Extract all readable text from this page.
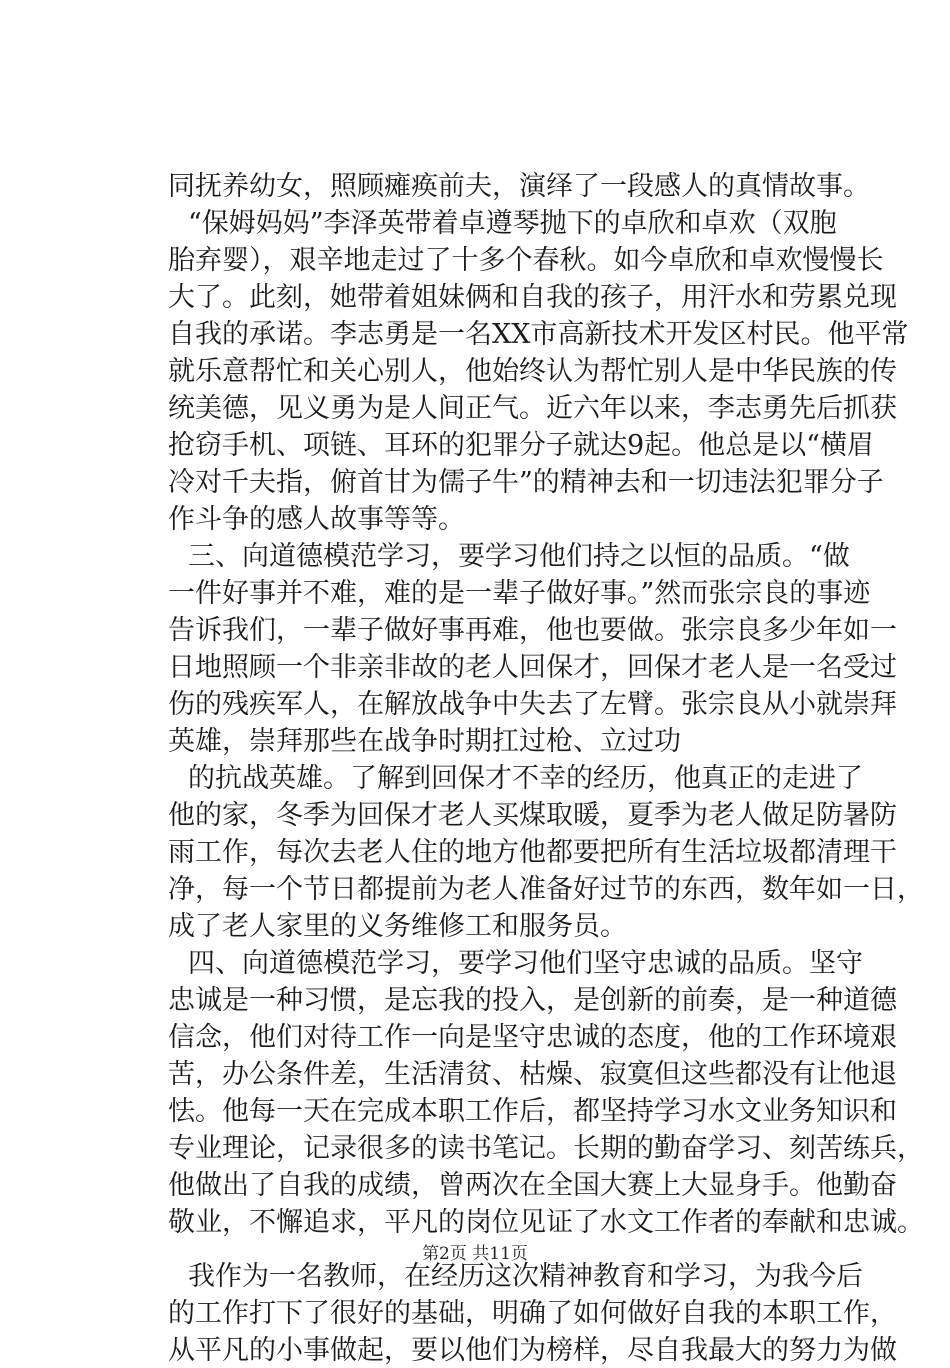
同抚养幼女，照顾瘫痪前夫，演绎了一段感人的真情故事。
“保姆妈妈”李泽英带着卓遵琴抛下的卓欣和卓欢（双胞
胎弃婴），艰辛地走过了十多个春秋。如今卓欣和卓欢慢慢长
大了。此刻，她带着姐妹俩和自我的孩子，用汗水和劳累兑现
自我的承诺。李志勇是一名XX市高新技术开发区村民。他平常
就乐意帮忙和关心别人，他始终认为帮忙别人是中华民族的传
统美德，见义勇为是人间正气。近六年以来，李志勇先后抓获
抢窃手机、项链、耳环的犯罪分子就达9起。他总是以“横眉
冷对千夫指，俯首甘为儒子牛”的精神去和一切违法犯罪分子
作斗争的感人故事等等。
三、向道德模范学习，要学习他们持之以恒的品质。“做
一件好事并不难，难的是一辈子做好事。”然而张宗良的事迹
告诉我们，一辈子做好事再难，他也要做。张宗良多少年如一
日地照顾一个非亲非故的老人回保才，回保才老人是一名受过
伤的残疾军人，在解放战争中失去了左臂。张宗良从小就崇拜
英雄，崇拜那些在战争时期扛过枪、立过功
的抗战英雄。了解到回保才不幸的经历，他真正的走进了
他的家，冬季为回保才老人买煤取暖，夏季为老人做足防暑防
雨工作，每次去老人住的地方他都要把所有生活垃圾都清理干
净，每一个节日都提前为老人准备好过节的东西，数年如一日，
成了老人家里的义务维修工和服务员。
四、向道德模范学习，要学习他们坚守忠诚的品质。坚守
忠诚是一种习惯，是忘我的投入，是创新的前奏，是一种道德
信念，他们对待工作一向是坚守忠诚的态度，他的工作环境艰
苦，办公条件差，生活清贫、枯燥、寂寞但这些都没有让他退
怯。他每一天在完成本职工作后，都坚持学习水文业务知识和
专业理论，记录很多的读书笔记。长期的勤奋学习、刻苦练兵，
他做出了自我的成绩，曾两次在全国大赛上大显身手。他勤奋
敬业，不懈追求，平凡的岗位见证了水文工作者的奉献和忠诚。
我作为一名教师，在经历这次精神教育和学习，为我今后
的工作打下了很好的基础，明确了如何做好自我的本职工作，
从平凡的小事做起，要以他们为榜样，尽自我最大的努力为做
第2页 共11页
